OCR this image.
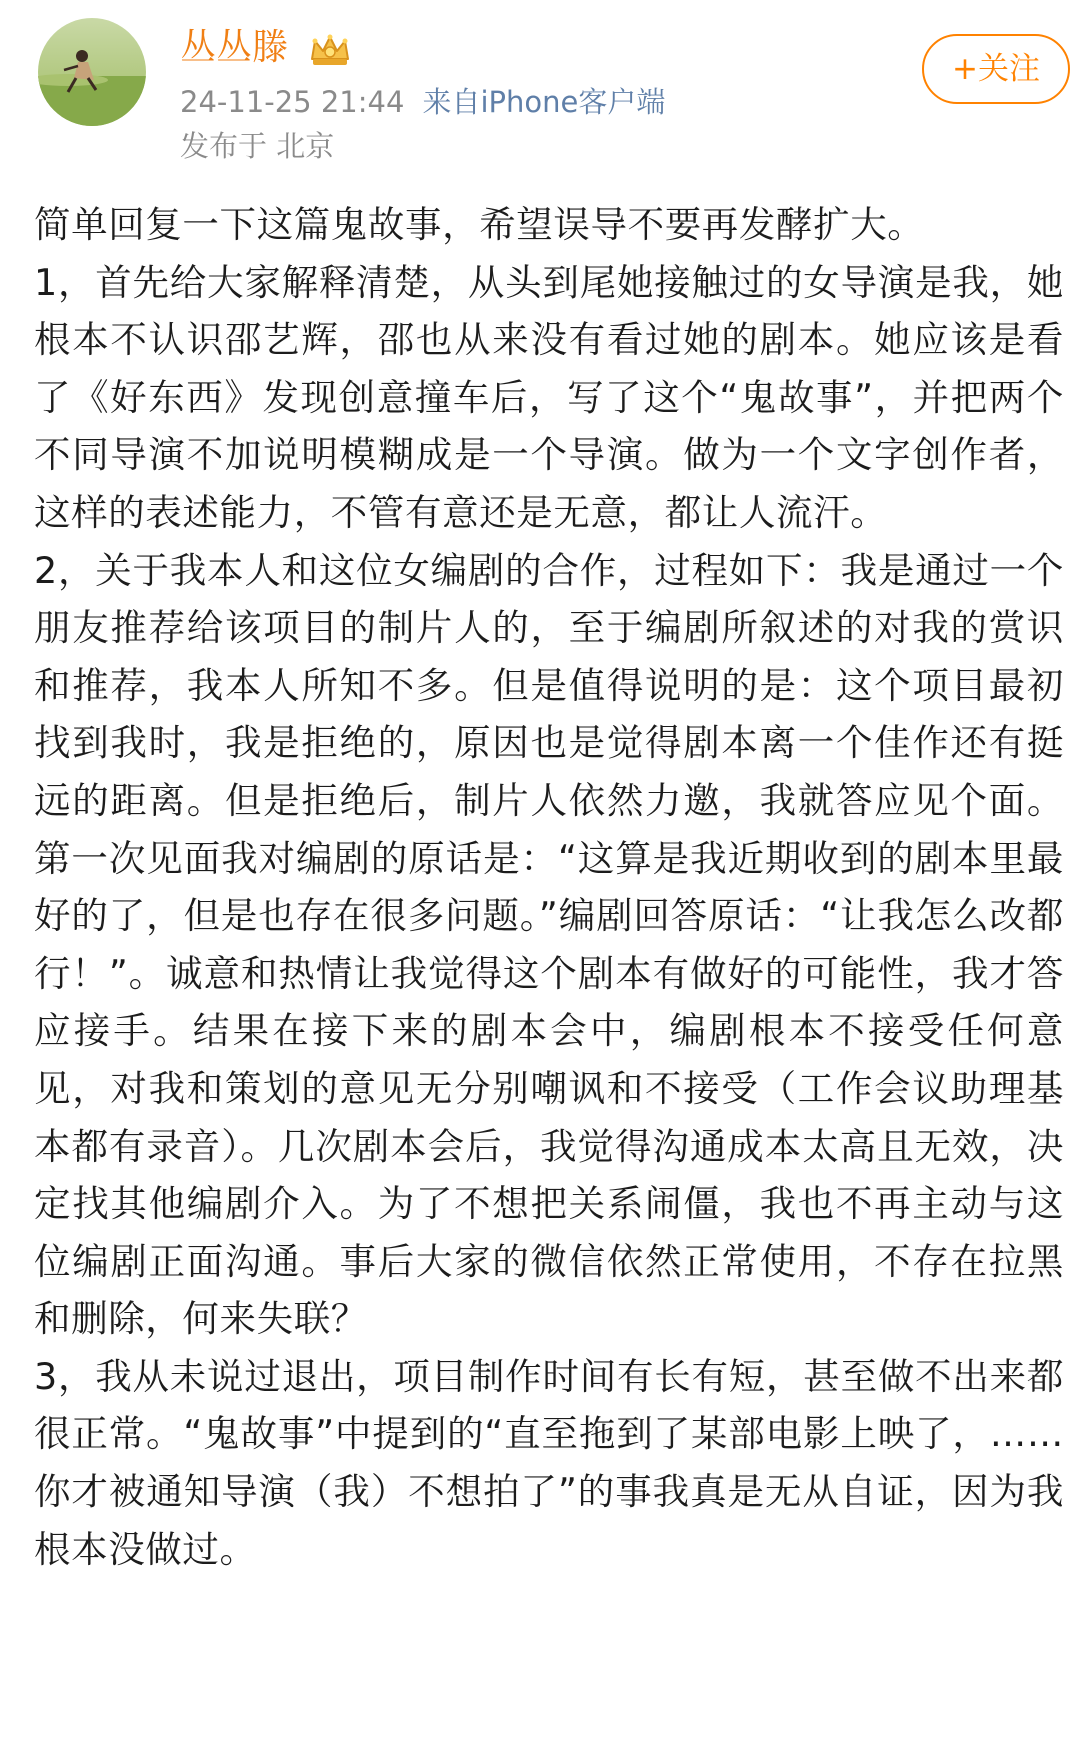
丛丛滕
24-11-25 21:44 来自iPhone客户端
发布于 北京
+关注

简单回复一下这篇鬼故事，希望误导不要再发酵扩大。

1，首先给大家解释清楚，从头到尾她接触过的女导演是我，她根本不认识邵艺辉，邵也从来没有看过她的剧本。她应该是看了《好东西》发现创意撞车后，写了这个“鬼故事”，并把两个不同导演不加说明模糊成是一个导演。做为一个文字创作者，这样的表述能力，不管有意还是无意，都让人流汗。

2，关于我本人和这位女编剧的合作，过程如下：我是通过一个朋友推荐给该项目的制片人的，至于编剧所叙述的对我的赏识和推荐，我本人所知不多。但是值得说明的是：这个项目最初找到我时，我是拒绝的，原因也是觉得剧本离一个佳作还有挺远的距离。但是拒绝后，制片人依然力邀，我就答应见个面。第一次见面我对编剧的原话是：“这算是我近期收到的剧本里最好的了，但是也存在很多问题。”编剧回答原话：“让我怎么改都行！”。诚意和热情让我觉得这个剧本有做好的可能性，我才答应接手。结果在接下来的剧本会中，编剧根本不接受任何意见，对我和策划的意见无分别嘲讽和不接受（工作会议助理基本都有录音）。几次剧本会后，我觉得沟通成本太高且无效，决定找其他编剧介入。为了不想把关系闹僵，我也不再主动与这位编剧正面沟通。事后大家的微信依然正常使用，不存在拉黑和删除，何来失联？

3，我从未说过退出，项目制作时间有长有短，甚至做不出来都很正常。“鬼故事”中提到的“直至拖到了某部电影上映了，……你才被通知导演（我）不想拍了”的事我真是无从自证，因为我根本没做过。
